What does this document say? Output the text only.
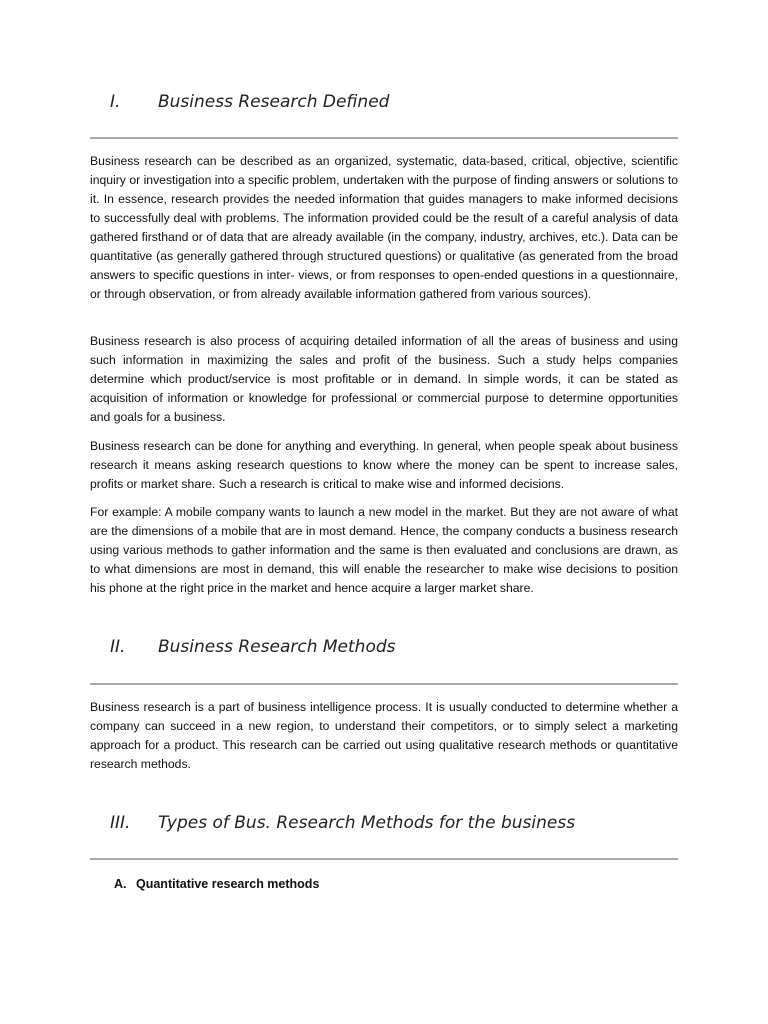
I. Business Research Defined

Business research can be described as an organized, systematic, data-based, critical, objective, scientific inquiry or investigation into a specific problem, undertaken with the purpose of finding answers or solutions to it. In essence, research provides the needed information that guides managers to make informed decisions to successfully deal with problems. The information provided could be the result of a careful analysis of data gathered firsthand or of data that are already available (in the company, industry, archives, etc.). Data can be quantitative (as generally gathered through structured questions) or qualitative (as generated from the broad answers to specific questions in inter- views, or from responses to open-ended questions in a questionnaire, or through observation, or from already available information gathered from various sources).

Business research is also process of acquiring detailed information of all the areas of business and using such information in maximizing the sales and profit of the business. Such a study helps companies determine which product/service is most profitable or in demand. In simple words, it can be stated as acquisition of information or knowledge for professional or commercial purpose to determine opportunities and goals for a business.

Business research can be done for anything and everything. In general, when people speak about business research it means asking research questions to know where the money can be spent to increase sales, profits or market share. Such a research is critical to make wise and informed decisions.

For example: A mobile company wants to launch a new model in the market. But they are not aware of what are the dimensions of a mobile that are in most demand. Hence, the company conducts a business research using various methods to gather information and the same is then evaluated and conclusions are drawn, as to what dimensions are most in demand, this will enable the researcher to make wise decisions to position his phone at the right price in the market and hence acquire a larger market share.

II. Business Research Methods

Business research is a part of business intelligence process. It is usually conducted to determine whether a company can succeed in a new region, to understand their competitors, or to simply select a marketing approach for a product. This research can be carried out using qualitative research methods or quantitative research methods.

III. Types of Bus. Research Methods for the business
A. Quantitative research methods
